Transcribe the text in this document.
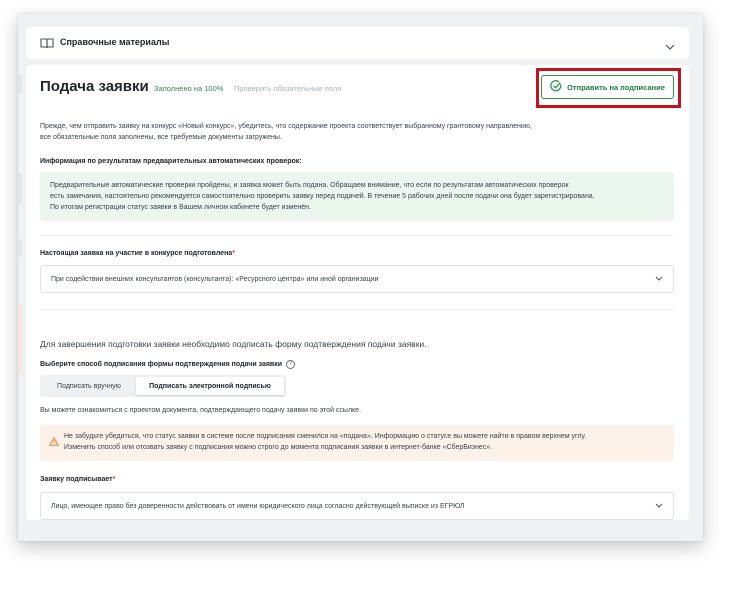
Справочные материалы
Подача заявки Заполнено на 100% Проверить обязательные поля	Отправить на подписание
Прежде, чем отправить заявку на конкурс «Новый конкурс», убедитесь, что содержание проекта соответствует выбранному грантовому направлению,
все обязательные поля заполнены, все требуемые документы загружены.
Информация по результатам предварительных автоматических проверок:
Предварительные автоматические проверки пройдены, и заявка может быть подана. Обращаем внимание, что если по результатам автоматических проверок
есть замечания, настоятельно рекомендуется самостоятельно проверить заявку перед подачей. В течение 5 рабочих дней после подачи она будет зарегистрирована.
По итогам регистрации статус заявки в Вашем личном кабинете будет изменён.
Настоящая заявка на участие в конкурсе подготовлена*
При содействии внешних консультантов (консультанта): «Ресурсного центра» или иной организации
Для завершения подготовки заявки необходимо подписать форму подтверждения подачи заявки.
Выберите способ подписания формы подтверждения подачи заявки	?
Подписать вручную	Подписать электронной подписью
Вы можете ознакомиться с проектом документа, подтверждающего подачу заявки по этой ссылке.
Не забудьте убедиться, что статус заявки в системе после подписания сменился на «подана». Информацию о статусе вы можете найти в правом верхнем углу.
Изменить способ или отозвать заявку с подписания можно строго до момента подписания заявки в интернет-банке «СберБизнес».
Заявку подписывает*
Лицо, имеющее право без доверенности действовать от имени юридического лица согласно действующей выписке из ЕГРЮЛ
